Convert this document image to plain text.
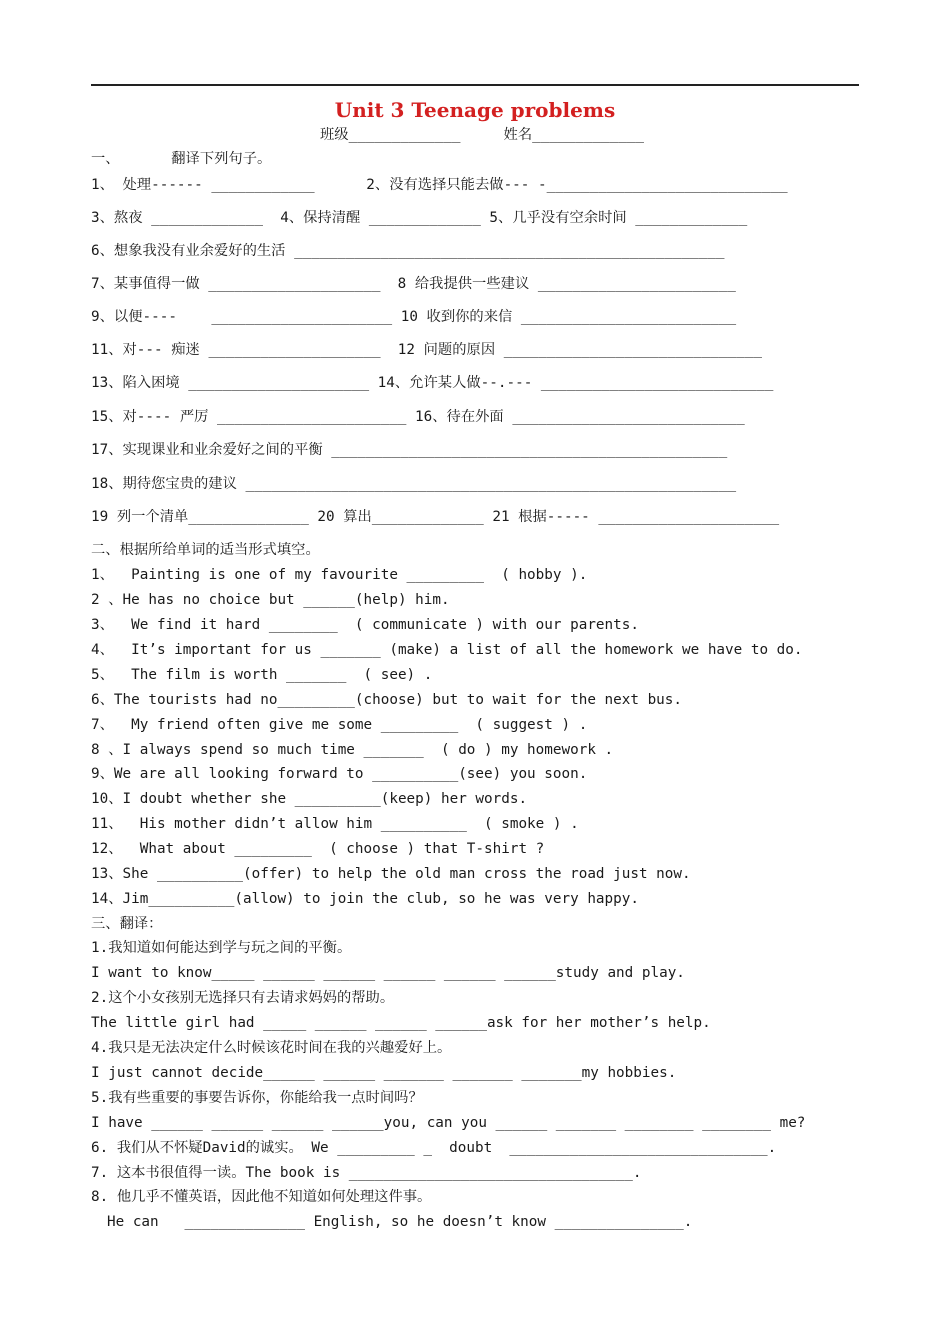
Unit 3 Teenage problems
班级_____________     姓名_____________
一、      翻译下列句子。
1、 处理------ ____________      2、没有选择只能去做--- -____________________________
3、熬夜 _____________  4、保持清醒 _____________ 5、几乎没有空余时间 _____________
6、想象我没有业余爱好的生活 __________________________________________________
7、某事值得一做 ____________________  8 给我提供一些建议 _______________________
9、以便----    _____________________ 10 收到你的来信 _________________________
11、对--- 痴迷 ____________________  12 问题的原因 ______________________________
13、陷入困境 _____________________ 14、允许某人做--.--- ___________________________
15、对---- 严厉 ______________________ 16、待在外面 ___________________________
17、实现课业和业余爱好之间的平衡 ______________________________________________
18、期待您宝贵的建议 _________________________________________________________
19 列一个清单______________ 20 算出_____________ 21 根据----- _____________________
二、根据所给单词的适当形式填空。
1、  Painting is one of my favourite _________  ( hobby ).
2 、He has no choice but ______(help) him.
3、  We find it hard ________  ( communicate ) with our parents.
4、  It’s important for us _______ (make) a list of all the homework we have to do.
5、  The film is worth _______  ( see) .
6、The tourists had no_________(choose) but to wait for the next bus.
7、  My friend often give me some _________  ( suggest ) .
8 、I always spend so much time _______  ( do ) my homework .
9、We are all looking forward to __________(see) you soon.
10、I doubt whether she __________(keep) her words.
11、  His mother didn’t allow him __________  ( smoke ) .
12、  What about _________  ( choose ) that T-shirt ?
13、She __________(offer) to help the old man cross the road just now.
14、Jim__________(allow) to join the club, so he was very happy.
三、翻译：
1.我知道如何能达到学与玩之间的平衡。
I want to know_____ ______ ______ ______ ______ ______study and play.
2.这个小女孩别无选择只有去请求妈妈的帮助。
The little girl had _____ ______ ______ ______ask for her mother’s help.
4.我只是无法决定什么时候该花时间在我的兴趣爱好上。
I just cannot decide______ ______ _______ _______ _______my hobbies.
5.我有些重要的事要告诉你，你能给我一点时间吗？
I have ______ ______ ______ ______you, can you ______ _______ ________ ________ me?
6. 我们从不怀疑David的诚实。 We _________ _  doubt  ______________________________.
7. 这本书很值得一读。The book is _________________________________.
8. 他几乎不懂英语，因此他不知道如何处理这件事。
He can   ______________ English, so he doesn’t know _______________.
